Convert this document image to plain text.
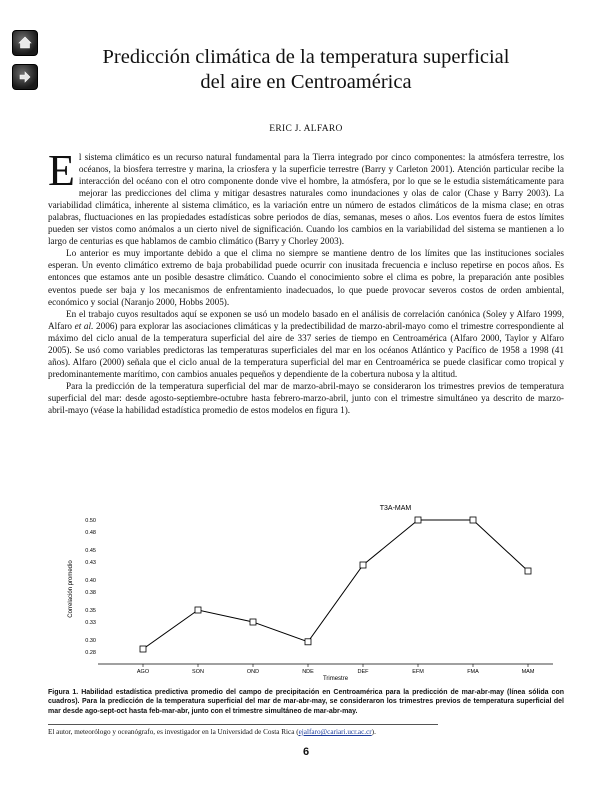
Predicción climática de la temperatura superficial
del aire en Centroamérica
ERIC J. ALFARO

El sistema climático es un recurso natural fundamental para la Tierra integrado por cinco componentes: la atmósfera terrestre, los océanos, la biosfera terrestre y marina, la criosfera y la superficie terrestre (Barry y Carleton 2001). Atención particular recibe la interacción del océano con el otro componente donde vive el hombre, la atmósfera, por lo que se le estudia sistemáticamente para mejorar las predicciones del clima y mitigar desastres naturales como inundaciones y olas de calor (Chase y Barry 2003). La variabilidad climática, inherente al sistema climático, es la variación entre un número de estados climáticos de la misma clase; en otras palabras, fluctuaciones en las propiedades estadísticas sobre periodos de días, semanas, meses o años. Los eventos fuera de estos límites pueden ser vistos como anómalos a un cierto nivel de significación. Cuando los cambios en la variabilidad del sistema se mantienen a lo largo de centurias es que hablamos de cambio climático (Barry y Chorley 2003).

Lo anterior es muy importante debido a que el clima no siempre se mantiene dentro de los límites que las instituciones sociales esperan. Un evento climático extremo de baja probabilidad puede ocurrir con inusitada frecuencia e incluso repetirse en pocos años. Es entonces que estamos ante un posible desastre climático. Cuando el conocimiento sobre el clima es pobre, la preparación ante posibles eventos puede ser baja y los mecanismos de enfrentamiento inadecuados, lo que puede provocar severos costos de orden ambiental, económico y social (Naranjo 2000, Hobbs 2005).

En el trabajo cuyos resultados aquí se exponen se usó un modelo basado en el análisis de correlación canónica (Soley y Alfaro 1999, Alfaro et al. 2006) para explorar las asociaciones climáticas y la predectibilidad de marzo-abril-mayo como el trimestre correspondiente al máximo del ciclo anual de la temperatura superficial del aire de 337 series de tiempo en Centroamérica (Alfaro 2000, Taylor y Alfaro 2005). Se usó como variables predictoras las temperaturas superficiales del mar en los océanos Atlántico y Pacífico de 1958 a 1998 (41 años). Alfaro (2000) señala que el ciclo anual de la temperatura superficial del mar en Centroamérica se puede clasificar como tropical y predominantemente marítimo, con cambios anuales pequeños y dependiente de la cobertura nubosa y la altitud.

Para la predicción de la temperatura superficial del mar de marzo-abril-mayo se consideraron los trimestres previos de temperatura superficial del mar: desde agosto-septiembre-octubre hasta febrero-marzo-abril, junto con el trimestre simultáneo ya descrito de marzo-abril-mayo (véase la habilidad estadística promedio de estos modelos en figura 1).

T3A-MAM
0.28
0.30
0.33
0.35
0.38
0.40
0.43
0.45
0.48
0.50
Correlación promedio
AGO	SON	OND	NDE	DEF	EFM	FMA	MAM
Trimestre
Figura 1. Habilidad estadística predictiva promedio del campo de precipitación en Centroamérica para la predicción de mar-abr-may (línea sólida con cuadros). Para la predicción de la temperatura superficial del mar de mar-abr-may, se consideraron los trimestres previos de temperatura superficial del mar desde ago-sept-oct hasta feb-mar-abr, junto con el trimestre simultáneo de mar-abr-may.
El autor, meteorólogo y oceanógrafo, es investigador en la Universidad de Costa Rica (ejalfaro@cariari.ucr.ac.cr).
6
